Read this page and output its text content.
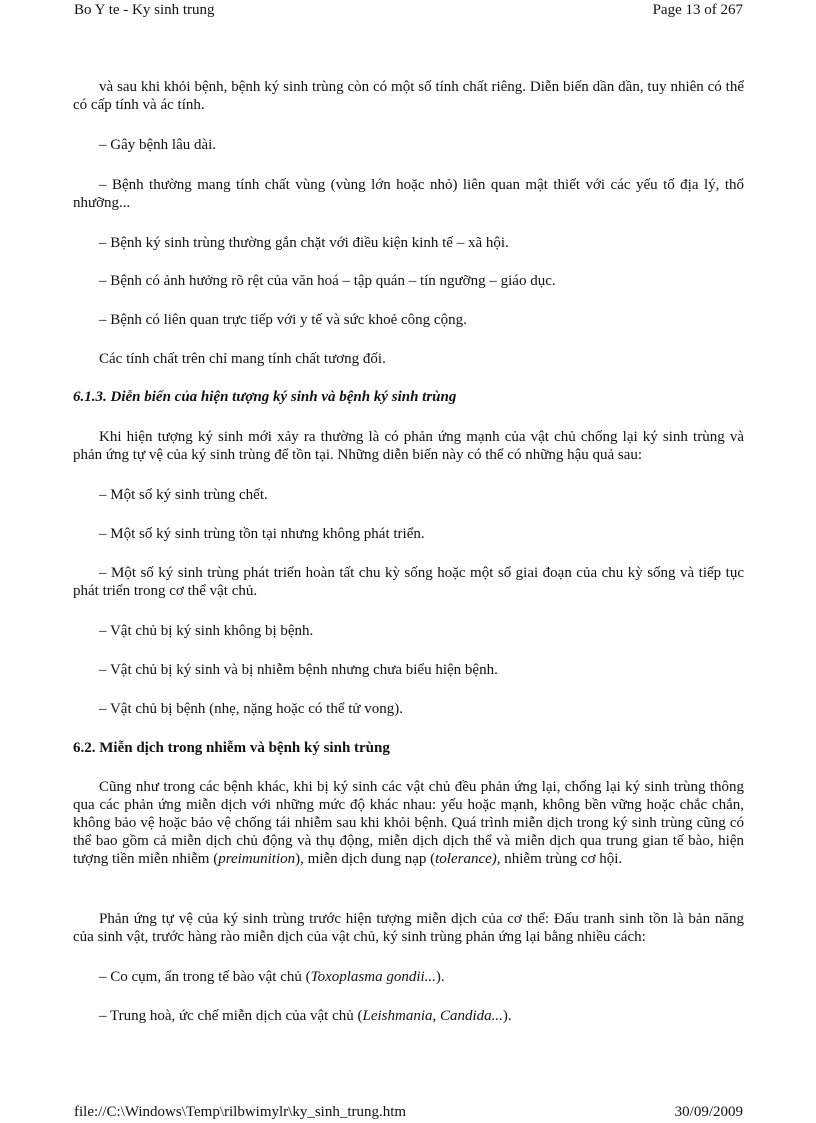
Bo Y te - Ky sinh trung	Page 13 of 267

và sau khi khỏi bệnh, bệnh ký sinh trùng còn có một số tính chất riêng. Diễn biến dần dần, tuy nhiên có thể có cấp tính và ác tính.

– Gây bệnh lâu dài.

– Bệnh thường mang tính chất vùng (vùng lớn hoặc nhỏ) liên quan mật thiết với các yếu tố địa lý, thổ nhưỡng...

– Bệnh ký sinh trùng thường gắn chặt với điều kiện kinh tế – xã hội.

– Bệnh có ảnh hưởng rõ rệt của văn hoá – tập quán – tín ngưỡng – giáo dục.

– Bệnh có liên quan trực tiếp với y tế và sức khoẻ công cộng.

Các tính chất trên chỉ mang tính chất tương đối.

6.1.3. Diễn biến của hiện tượng ký sinh và bệnh ký sinh trùng

Khi hiện tượng ký sinh mới xảy ra thường là có phản ứng mạnh của vật chủ chống lại ký sinh trùng và phản ứng tự vệ của ký sinh trùng để tồn tại. Những diễn biến này có thể có những hậu quả sau:

– Một số ký sinh trùng chết.

– Một số ký sinh trùng tồn tại nhưng không phát triển.

– Một số ký sinh trùng phát triển hoàn tất chu kỳ sống hoặc một số giai đoạn của chu kỳ sống và tiếp tục phát triển trong cơ thể vật chủ.

– Vật chủ bị ký sinh không bị bệnh.

– Vật chủ bị ký sinh và bị nhiễm bệnh nhưng chưa biểu hiện bệnh.

– Vật chủ bị bệnh (nhẹ, nặng hoặc có thể tử vong).

6.2. Miễn dịch trong nhiễm và bệnh ký sinh trùng

Cũng như trong các bệnh khác, khi bị ký sinh các vật chủ đều phản ứng lại, chống lại ký sinh trùng thông qua các phản ứng miễn dịch với những mức độ khác nhau: yếu hoặc mạnh, không bền vững hoặc chắc chắn, không bảo vệ hoặc bảo vệ chống tái nhiễm sau khi khỏi bệnh. Quá trình miễn dịch trong ký sinh trùng cũng có thể bao gồm cả miễn dịch chủ động và thụ động, miễn dịch dịch thể và miễn dịch qua trung gian tế bào, hiện tượng tiền miễn nhiễm (preimunition), miễn dịch dung nạp (tolerance), nhiễm trùng cơ hội.

Phản ứng tự vệ của ký sinh trùng trước hiện tượng miễn dịch của cơ thể: Đấu tranh sinh tồn là bản năng của sinh vật, trước hàng rào miễn dịch của vật chủ, ký sinh trùng phản ứng lại bằng nhiều cách:

– Co cụm, ẩn trong tế bào vật chủ (Toxoplasma gondii...).

– Trung hoà, ức chế miễn dịch của vật chủ (Leishmania, Candida...).

file://C:\Windows\Temp\rilbwimylr\ky_sinh_trung.htm	30/09/2009
